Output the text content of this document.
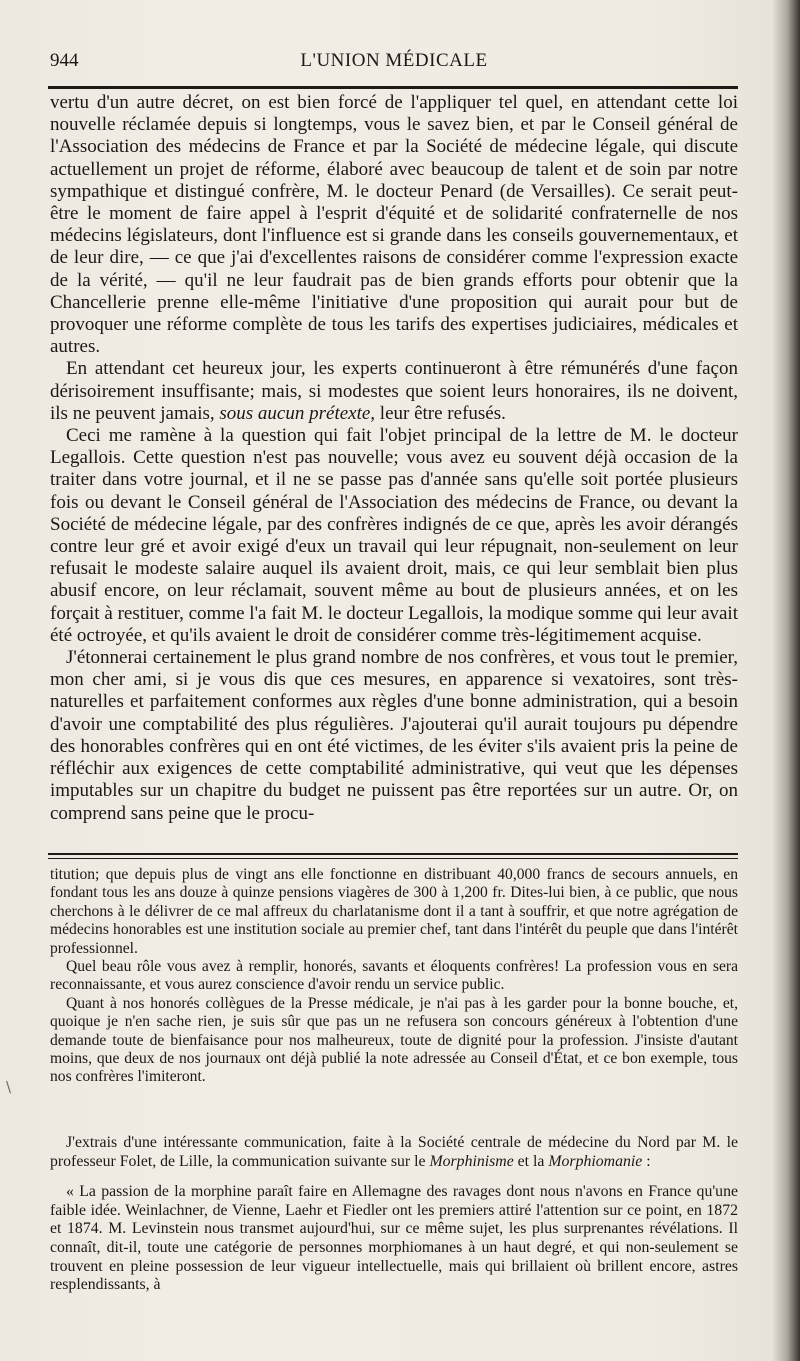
944	L'UNION MÉDICALE

vertu d'un autre décret, on est bien forcé de l'appliquer tel quel, en attendant cette loi nouvelle réclamée depuis si longtemps, vous le savez bien, et par le Conseil général de l'Association des médecins de France et par la Société de médecine légale, qui discute actuellement un projet de réforme, élaboré avec beaucoup de talent et de soin par notre sympathique et distingué confrère, M. le docteur Penard (de Versailles). Ce serait peut-être le moment de faire appel à l'esprit d'équité et de solidarité confraternelle de nos médecins législateurs, dont l'influence est si grande dans les conseils gouvernementaux, et de leur dire, — ce que j'ai d'excellentes raisons de considérer comme l'expression exacte de la vérité, — qu'il ne leur faudrait pas de bien grands efforts pour obtenir que la Chancellerie prenne elle-même l'initiative d'une proposition qui aurait pour but de provoquer une réforme complète de tous les tarifs des expertises judiciaires, médicales et autres.

En attendant cet heureux jour, les experts continueront à être rémunérés d'une façon dérisoirement insuffisante; mais, si modestes que soient leurs honoraires, ils ne doivent, ils ne peuvent jamais, sous aucun prétexte, leur être refusés.

Ceci me ramène à la question qui fait l'objet principal de la lettre de M. le docteur Legallois. Cette question n'est pas nouvelle; vous avez eu souvent déjà occasion de la traiter dans votre journal, et il ne se passe pas d'année sans qu'elle soit portée plusieurs fois ou devant le Conseil général de l'Association des médecins de France, ou devant la Société de médecine légale, par des confrères indignés de ce que, après les avoir dérangés contre leur gré et avoir exigé d'eux un travail qui leur répugnait, non-seulement on leur refusait le modeste salaire auquel ils avaient droit, mais, ce qui leur semblait bien plus abusif encore, on leur réclamait, souvent même au bout de plusieurs années, et on les forçait à restituer, comme l'a fait M. le docteur Legallois, la modique somme qui leur avait été octroyée, et qu'ils avaient le droit de considérer comme très-légitimement acquise.

J'étonnerai certainement le plus grand nombre de nos confrères, et vous tout le premier, mon cher ami, si je vous dis que ces mesures, en apparence si vexatoires, sont très-naturelles et parfaitement conformes aux règles d'une bonne administration, qui a besoin d'avoir une comptabilité des plus régulières. J'ajouterai qu'il aurait toujours pu dépendre des honorables confrères qui en ont été victimes, de les éviter s'ils avaient pris la peine de réfléchir aux exigences de cette comptabilité administrative, qui veut que les dépenses imputables sur un chapitre du budget ne puissent pas être reportées sur un autre. Or, on comprend sans peine que le procu-

titution; que depuis plus de vingt ans elle fonctionne en distribuant 40,000 francs de secours annuels, en fondant tous les ans douze à quinze pensions viagères de 300 à 1,200 fr. Dites-lui bien, à ce public, que nous cherchons à le délivrer de ce mal affreux du charlatanisme dont il a tant à souffrir, et que notre agrégation de médecins honorables est une institution sociale au premier chef, tant dans l'intérêt du peuple que dans l'intérêt professionnel.

Quel beau rôle vous avez à remplir, honorés, savants et éloquents confrères! La profession vous en sera reconnaissante, et vous aurez conscience d'avoir rendu un service public.

Quant à nos honorés collègues de la Presse médicale, je n'ai pas à les garder pour la bonne bouche, et, quoique je n'en sache rien, je suis sûr que pas un ne refusera son concours généreux à l'obtention d'une demande toute de bienfaisance pour nos malheureux, toute de dignité pour la profession. J'insiste d'autant moins, que deux de nos journaux ont déjà publié la note adressée au Conseil d'État, et ce bon exemple, tous nos confrères l'imiteront.

\

J'extrais d'une intéressante communication, faite à la Société centrale de médecine du Nord par M. le professeur Folet, de Lille, la communication suivante sur le Morphinisme et la Morphiomanie :

« La passion de la morphine paraît faire en Allemagne des ravages dont nous n'avons en France qu'une faible idée. Weinlachner, de Vienne, Laehr et Fiedler ont les premiers attiré l'attention sur ce point, en 1872 et 1874. M. Levinstein nous transmet aujourd'hui, sur ce même sujet, les plus surprenantes révélations. Il connaît, dit-il, toute une catégorie de personnes morphiomanes à un haut degré, et qui non-seulement se trouvent en pleine possession de leur vigueur intellectuelle, mais qui brillaient où brillent encore, astres resplendissants, à
